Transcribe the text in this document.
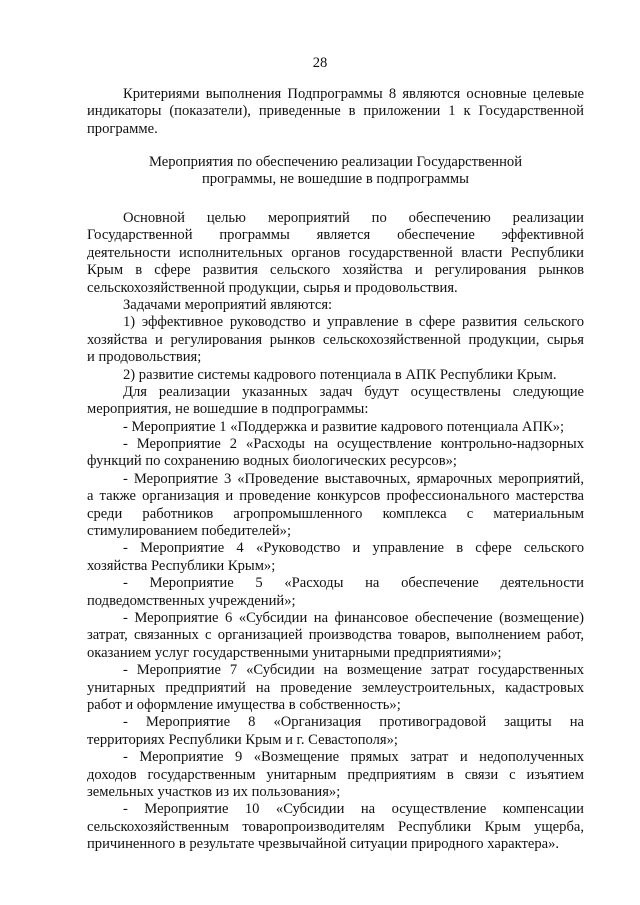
28
Критериями выполнения Подпрограммы 8 являются основные целевые
индикаторы (показатели), приведенные в приложении 1 к Государственной
программе.
Мероприятия по обеспечению реализации Государственной
программы, не вошедшие в подпрограммы
Основной целью мероприятий по обеспечению реализации
Государственной программы является обеспечение эффективной
деятельности исполнительных органов государственной власти Республики
Крым в сфере развития сельского хозяйства и регулирования рынков
сельскохозяйственной продукции, сырья и продовольствия.
Задачами мероприятий являются:
1) эффективное руководство и управление в сфере развития сельского
хозяйства и регулирования рынков сельскохозяйственной продукции, сырья
и продовольствия;
2) развитие системы кадрового потенциала в АПК Республики Крым.
Для реализации указанных задач будут осуществлены следующие
мероприятия, не вошедшие в подпрограммы:
- Мероприятие 1 «Поддержка и развитие кадрового потенциала АПК»;
- Мероприятие 2 «Расходы на осуществление контрольно-надзорных
функций по сохранению водных биологических ресурсов»;
- Мероприятие 3 «Проведение выставочных, ярмарочных мероприятий,
а также организация и проведение конкурсов профессионального мастерства
среди работников агропромышленного комплекса с материальным
стимулированием победителей»;
- Мероприятие 4 «Руководство и управление в сфере сельского
хозяйства Республики Крым»;
- Мероприятие 5 «Расходы на обеспечение деятельности
подведомственных учреждений»;
- Мероприятие 6 «Субсидии на финансовое обеспечение (возмещение)
затрат, связанных с организацией производства товаров, выполнением работ,
оказанием услуг государственными унитарными предприятиями»;
- Мероприятие 7 «Субсидии на возмещение затрат государственных
унитарных предприятий на проведение землеустроительных, кадастровых
работ и оформление имущества в собственность»;
- Мероприятие 8 «Организация противоградовой защиты на
территориях Республики Крым и г. Севастополя»;
- Мероприятие 9 «Возмещение прямых затрат и недополученных
доходов государственным унитарным предприятиям в связи с изъятием
земельных участков из их пользования»;
- Мероприятие 10 «Субсидии на осуществление компенсации
сельскохозяйственным товаропроизводителям Республики Крым ущерба,
причиненного в результате чрезвычайной ситуации природного характера».
